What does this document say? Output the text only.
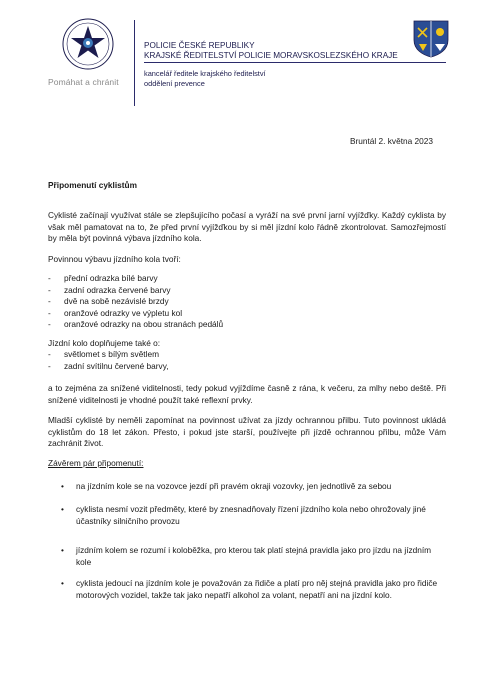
Pomáhat a chránit
POLICIE ČESKÉ REPUBLIKY
KRAJSKÉ ŘEDITELSTVÍ POLICIE MORAVSKOSLEZSKÉHO KRAJE
kancelář ředitele krajského ředitelství
oddělení prevence
Bruntál 2. května 2023
Připomenutí cyklistům

Cyklisté začínají využívat stále se zlepšujícího počasí a vyráží na své první jarní vyjížďky. Každý cyklista by však měl pamatovat na to, že před první vyjížďkou by si měl jízdní kolo řádně zkontrolovat. Samozřejmostí by měla být povinná výbava jízdního kola.

Povinnou výbavu jízdního kola tvoří:

- přední odrazka bílé barvy
- zadní odrazka červené barvy
- dvě na sobě nezávislé brzdy
- oranžové odrazky ve výpletu kol
- oranžové odrazky na obou stranách pedálů

Jízdní kolo doplňujeme také o:

- světlomet s bílým světlem
- zadní svítilnu červené barvy,

a to zejména za snížené viditelnosti, tedy pokud vyjíždíme časně z rána, k večeru, za mlhy nebo deště. Při snížené viditelnosti je vhodné použít také reflexní prvky.

Mladší cyklisté by neměli zapomínat na povinnost užívat za jízdy ochrannou přilbu. Tuto povinnost ukládá cyklistům do 18 let zákon. Přesto, i pokud jste starší, používejte při jízdě ochrannou přilbu, může Vám zachránit život.

Závěrem pár připomenutí:

• na jízdním kole se na vozovce jezdí při pravém okraji vozovky, jen jednotlivě za sebou
• cyklista nesmí vozit předměty, které by znesnadňovaly řízení jízdního kola nebo ohrožovaly jiné účastníky silničního provozu
• jízdním kolem se rozumí i koloběžka, pro kterou tak platí stejná pravidla jako pro jízdu na jízdním kole
• cyklista jedoucí na jízdním kole je považován za řidiče a platí pro něj stejná pravidla jako pro řidiče motorových vozidel, takže tak jako nepatří alkohol za volant, nepatří ani na jízdní kolo.
